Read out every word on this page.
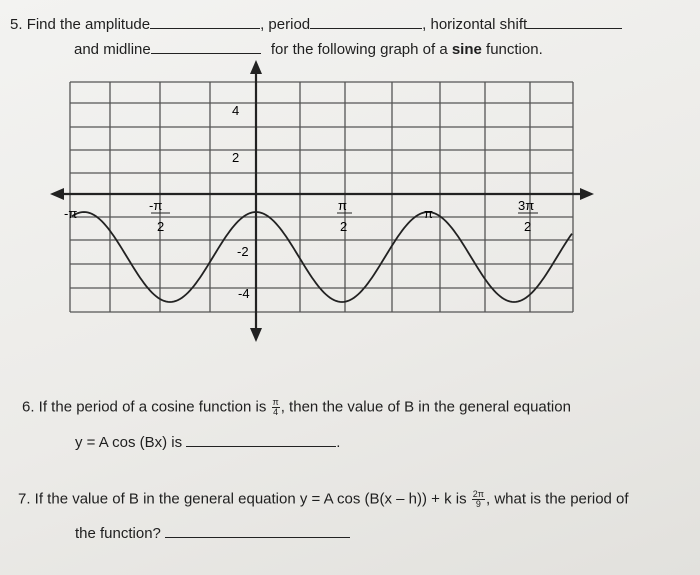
5. Find the amplitude	, period	, horizontal shift
and midline	for the following graph of a sine function.
4
2
-2
-4
-π
-π
2
π
2
π
3π
2
6. If the period of a cosine function is $\frac{\pi}{4}$ , then the value of B in the general equation
y = A cos (Bx) is	.
7. If the value of B in the general equation y = A cos (B(x – h)) + k is $\frac{2\pi}{9}$ , what is the period of
the function?
